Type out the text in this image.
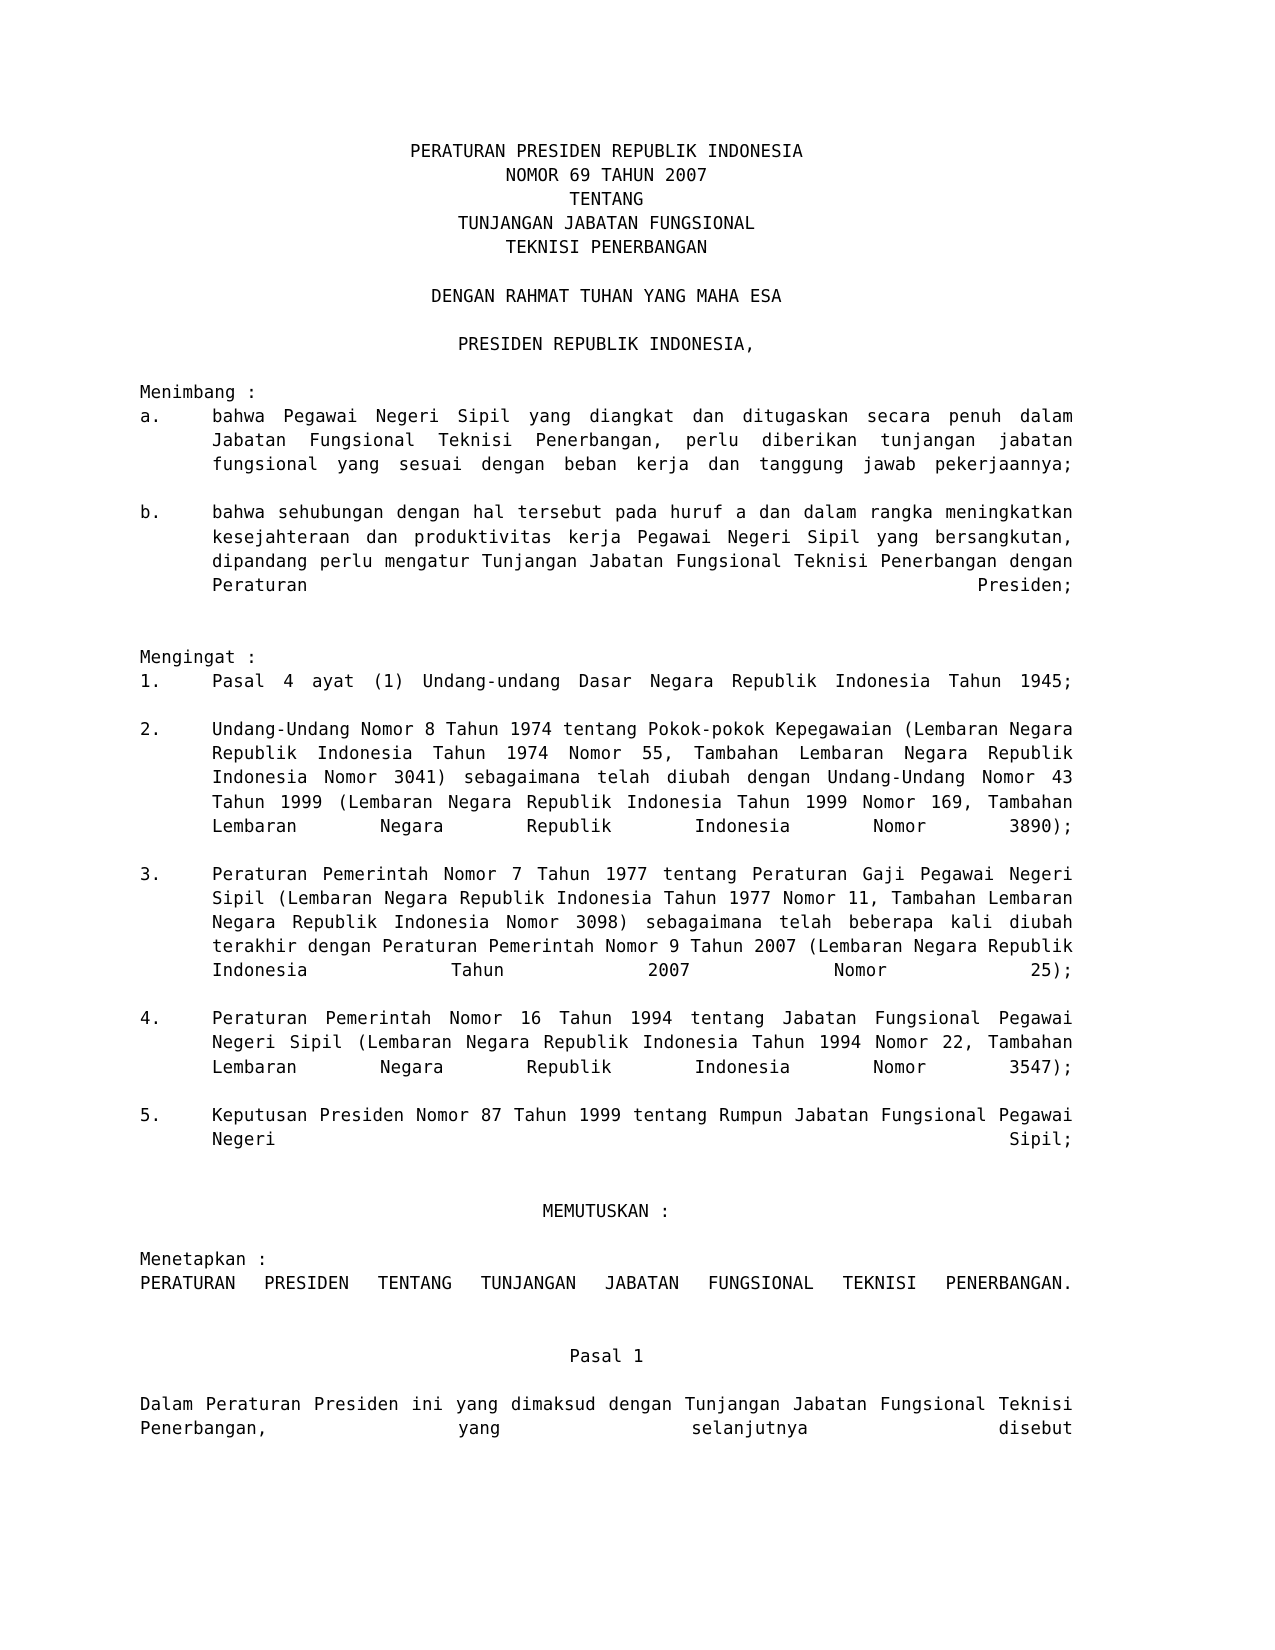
PERATURAN PRESIDEN REPUBLIK INDONESIA
NOMOR 69 TAHUN 2007
TENTANG
TUNJANGAN JABATAN FUNGSIONAL
TEKNISI PENERBANGAN
DENGAN RAHMAT TUHAN YANG MAHA ESA
PRESIDEN REPUBLIK INDONESIA,
Menimbang :
a.	bahwa Pegawai Negeri Sipil yang diangkat dan ditugaskan secara penuh dalam Jabatan Fungsional Teknisi Penerbangan, perlu diberikan tunjangan jabatan fungsional yang sesuai dengan beban kerja dan tanggung jawab pekerjaannya;
b.	bahwa sehubungan dengan hal tersebut pada huruf a dan dalam rangka meningkatkan kesejahteraan dan produktivitas kerja Pegawai Negeri Sipil yang bersangkutan, dipandang perlu mengatur Tunjangan Jabatan Fungsional Teknisi Penerbangan dengan Peraturan Presiden;
Mengingat :
1.	Pasal 4 ayat (1) Undang-undang Dasar Negara Republik Indonesia Tahun 1945;
2.	Undang-Undang Nomor 8 Tahun 1974 tentang Pokok-pokok Kepegawaian (Lembaran Negara Republik Indonesia Tahun 1974 Nomor 55, Tambahan Lembaran Negara Republik Indonesia Nomor 3041) sebagaimana telah diubah dengan Undang-Undang Nomor 43 Tahun 1999 (Lembaran Negara Republik Indonesia Tahun 1999 Nomor 169, Tambahan Lembaran Negara Republik Indonesia Nomor 3890);
3.	Peraturan Pemerintah Nomor 7 Tahun 1977 tentang Peraturan Gaji Pegawai Negeri Sipil (Lembaran Negara Republik Indonesia Tahun 1977 Nomor 11, Tambahan Lembaran Negara Republik Indonesia Nomor 3098) sebagaimana telah beberapa kali diubah terakhir dengan Peraturan Pemerintah Nomor 9 Tahun 2007 (Lembaran Negara Republik Indonesia Tahun 2007 Nomor 25);
4.	Peraturan Pemerintah Nomor 16 Tahun 1994 tentang Jabatan Fungsional Pegawai Negeri Sipil (Lembaran Negara Republik Indonesia Tahun 1994 Nomor 22, Tambahan Lembaran Negara Republik Indonesia Nomor 3547);
5.	Keputusan Presiden Nomor 87 Tahun 1999 tentang Rumpun Jabatan Fungsional Pegawai Negeri Sipil;
MEMUTUSKAN :
Menetapkan :
PERATURAN PRESIDEN TENTANG TUNJANGAN JABATAN FUNGSIONAL TEKNISI PENERBANGAN.
Pasal 1
Dalam Peraturan Presiden ini yang dimaksud dengan Tunjangan Jabatan Fungsional Teknisi Penerbangan, yang selanjutnya disebut
